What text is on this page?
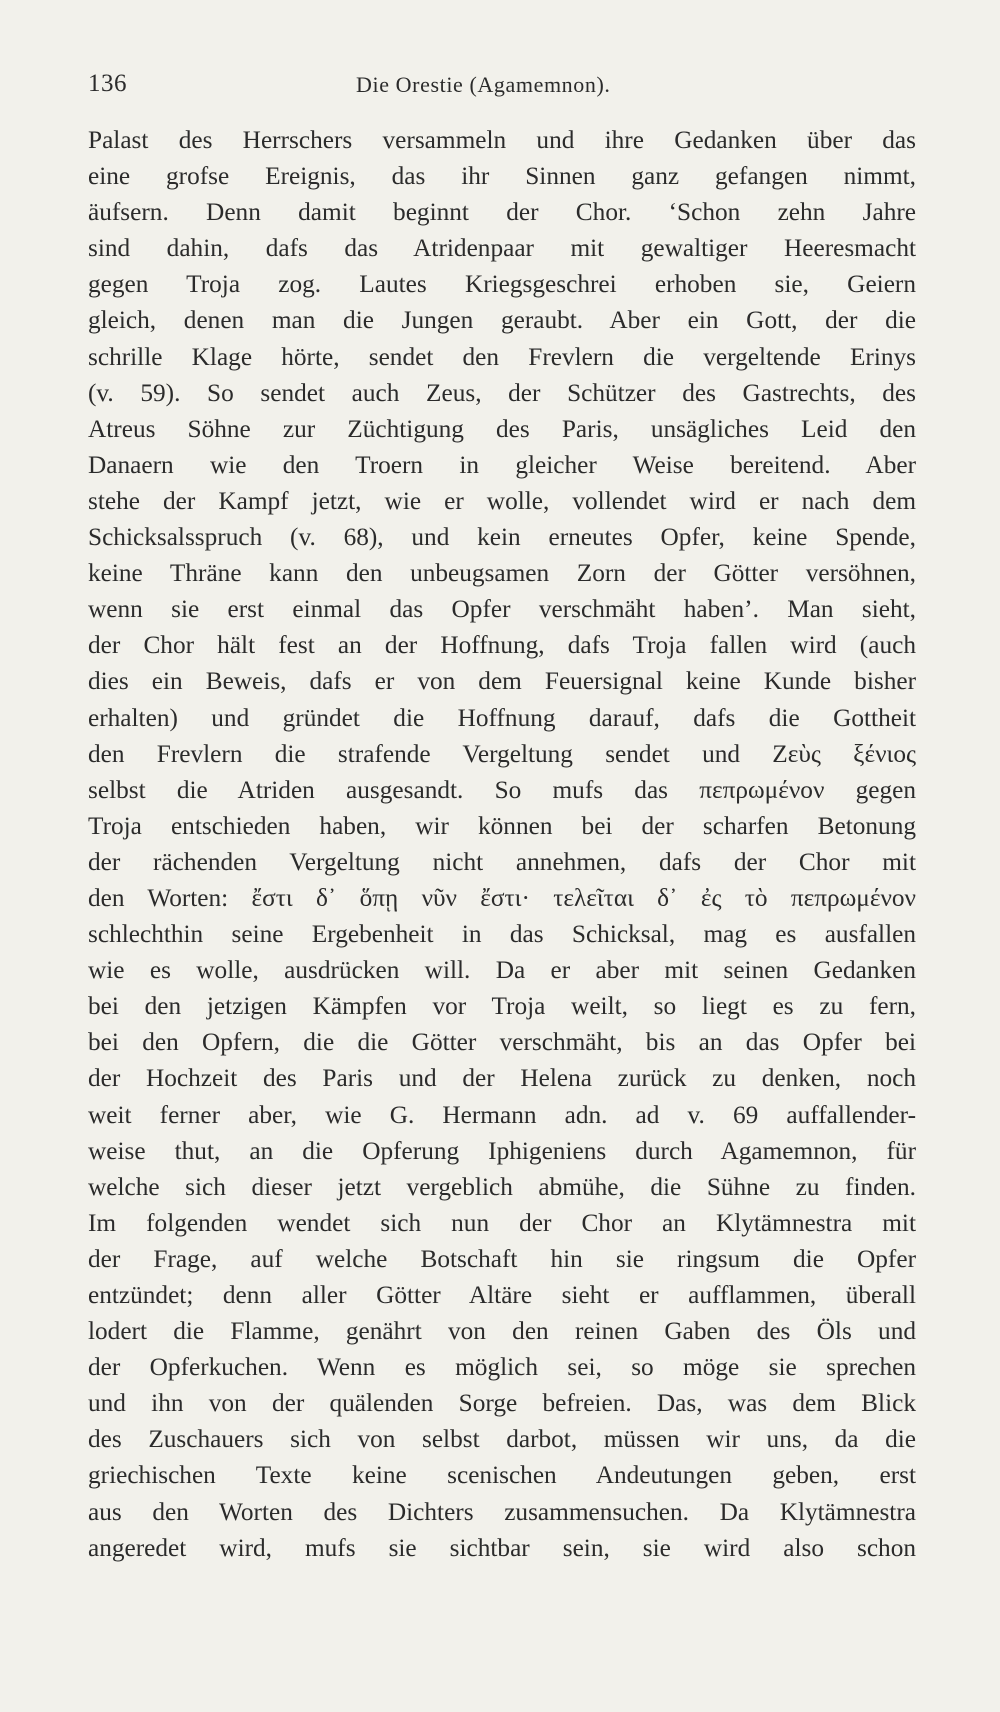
136	Die Orestie (Agamemnon).
Palast des Herrschers versammeln und ihre Gedanken über das
eine grofse Ereignis, das ihr Sinnen ganz gefangen nimmt,
äufsern. Denn damit beginnt der Chor. ‘Schon zehn Jahre
sind dahin, dafs das Atridenpaar mit gewaltiger Heeresmacht
gegen Troja zog. Lautes Kriegsgeschrei erhoben sie, Geiern
gleich, denen man die Jungen geraubt. Aber ein Gott, der die
schrille Klage hörte, sendet den Frevlern die vergeltende Erinys
(v. 59). So sendet auch Zeus, der Schützer des Gastrechts, des
Atreus Söhne zur Züchtigung des Paris, unsägliches Leid den
Danaern wie den Troern in gleicher Weise bereitend. Aber
stehe der Kampf jetzt, wie er wolle, vollendet wird er nach dem
Schicksalsspruch (v. 68), und kein erneutes Opfer, keine Spende,
keine Thräne kann den unbeugsamen Zorn der Götter versöhnen,
wenn sie erst einmal das Opfer verschmäht haben’. Man sieht,
der Chor hält fest an der Hoffnung, dafs Troja fallen wird (auch
dies ein Beweis, dafs er von dem Feuersignal keine Kunde bisher
erhalten) und gründet die Hoffnung darauf, dafs die Gottheit
den Frevlern die strafende Vergeltung sendet und Ζεὺς ξένιος
selbst die Atriden ausgesandt. So mufs das πεπρωμένον gegen
Troja entschieden haben, wir können bei der scharfen Betonung
der rächenden Vergeltung nicht annehmen, dafs der Chor mit
den Worten: ἔστι δ᾽ ὅπῃ νῦν ἔστι· τελεῖται δ᾽ ἐς τὸ πεπρωμένον
schlechthin seine Ergebenheit in das Schicksal, mag es ausfallen
wie es wolle, ausdrücken will. Da er aber mit seinen Gedanken
bei den jetzigen Kämpfen vor Troja weilt, so liegt es zu fern,
bei den Opfern, die die Götter verschmäht, bis an das Opfer bei
der Hochzeit des Paris und der Helena zurück zu denken, noch
weit ferner aber, wie G. Hermann adn. ad v. 69 auffallender-
weise thut, an die Opferung Iphigeniens durch Agamemnon, für
welche sich dieser jetzt vergeblich abmühe, die Sühne zu finden.
Im folgenden wendet sich nun der Chor an Klytämnestra mit
der Frage, auf welche Botschaft hin sie ringsum die Opfer
entzündet; denn aller Götter Altäre sieht er aufflammen, überall
lodert die Flamme, genährt von den reinen Gaben des Öls und
der Opferkuchen. Wenn es möglich sei, so möge sie sprechen
und ihn von der quälenden Sorge befreien. Das, was dem Blick
des Zuschauers sich von selbst darbot, müssen wir uns, da die
griechischen Texte keine scenischen Andeutungen geben, erst
aus den Worten des Dichters zusammensuchen. Da Klytämnestra
angeredet wird, mufs sie sichtbar sein, sie wird also schon
